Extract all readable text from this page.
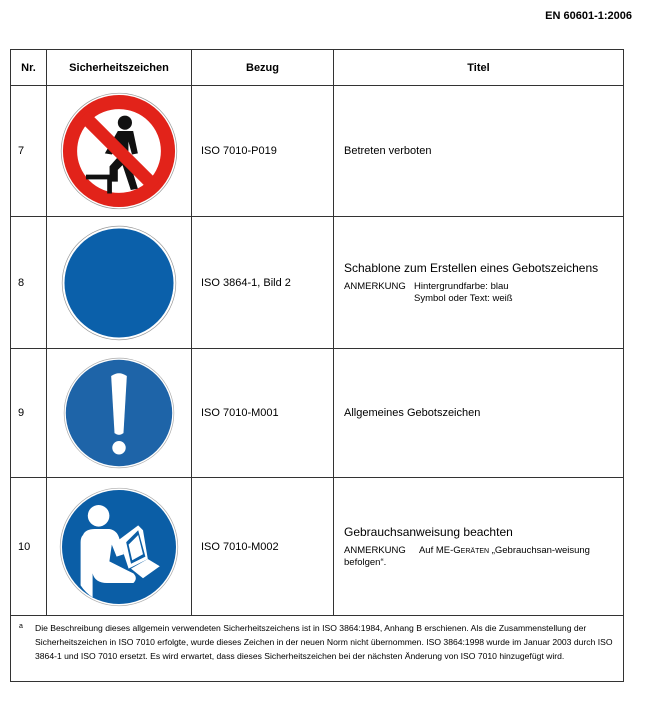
EN 60601-1:2006
Nr.	Sicherheitszeichen	Bezug	Titel
7		ISO 7010-P019	Betreten verboten

8		ISO 3864-1, Bild 2	Schablone zum Erstellen eines Gebotszeichens
ANMERKUNG Hintergrundfarbe: blau
Symbol oder Text: weiß

9		ISO 7010-M001	Allgemeines Gebotszeichen

10		ISO 7010-M002	Gebrauchsanweisung beachten
ANMERKUNG Auf ME-Geräten „Gebrauchsan-weisung befolgen“.

a Die Beschreibung dieses allgemein verwendeten Sicherheitszeichens ist in ISO 3864:1984, Anhang B erschienen. Als die Zusammenstellung der Sicherheitszeichen in ISO 7010 erfolgte, wurde dieses Zeichen in der neuen Norm nicht übernommen. ISO 3864:1998 wurde im Januar 2003 durch ISO 3864-1 und ISO 7010 ersetzt. Es wird erwartet, dass dieses Sicherheitszeichen bei der nächsten Änderung von ISO 7010 hinzugefügt wird.			
